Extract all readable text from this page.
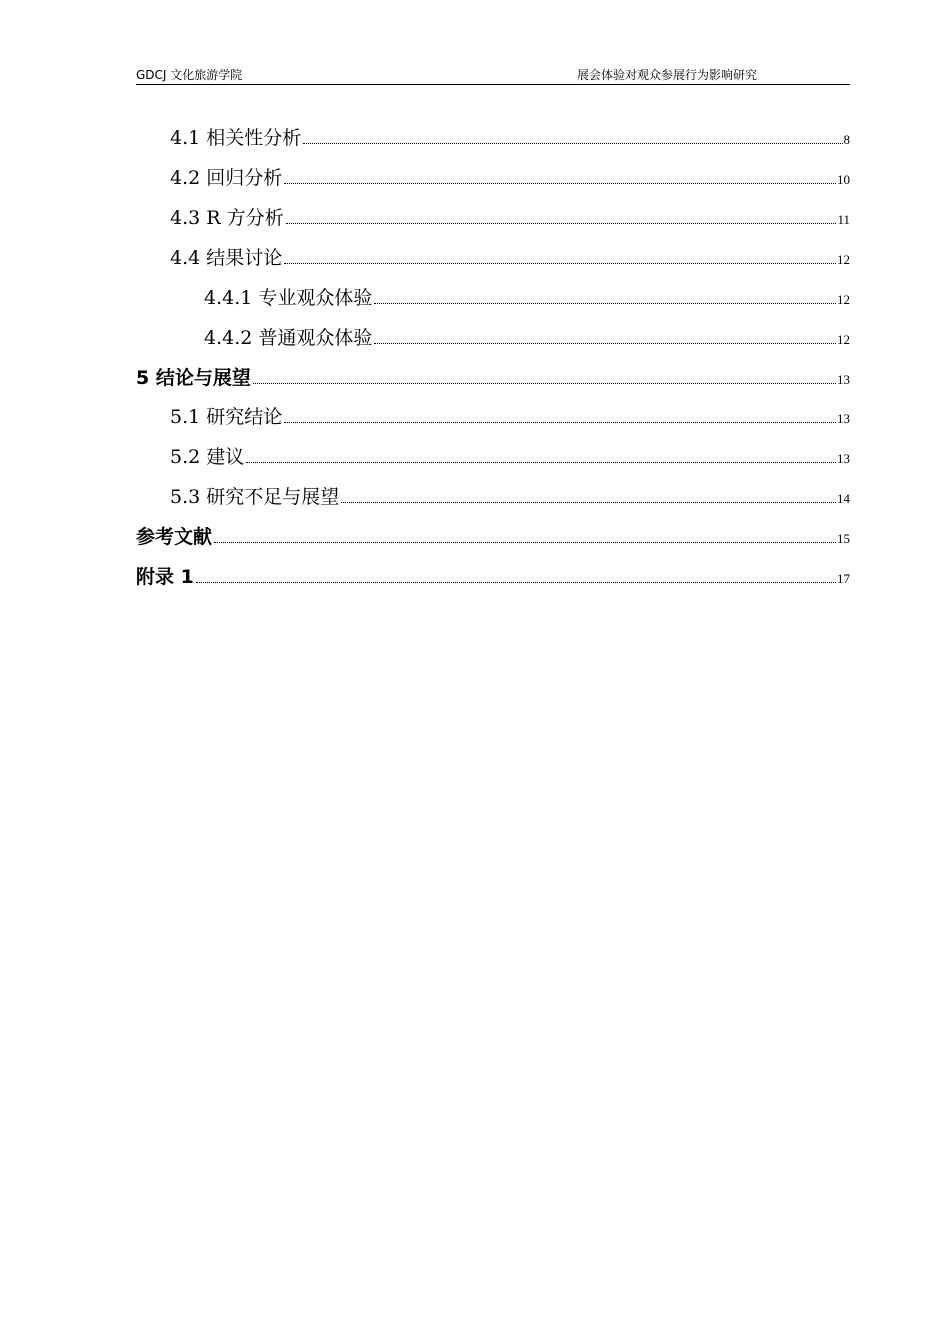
GDCJ 文化旅游学院	展会体验对观众参展行为影响研究
4.1 相关性分析	8
4.2 回归分析	10
4.3 R 方分析	11
4.4 结果讨论	12
4.4.1 专业观众体验	12
4.4.2 普通观众体验	12
5 结论与展望	13
5.1 研究结论	13
5.2 建议	13
5.3 研究不足与展望	14
参考文献	15
附录 1	17
